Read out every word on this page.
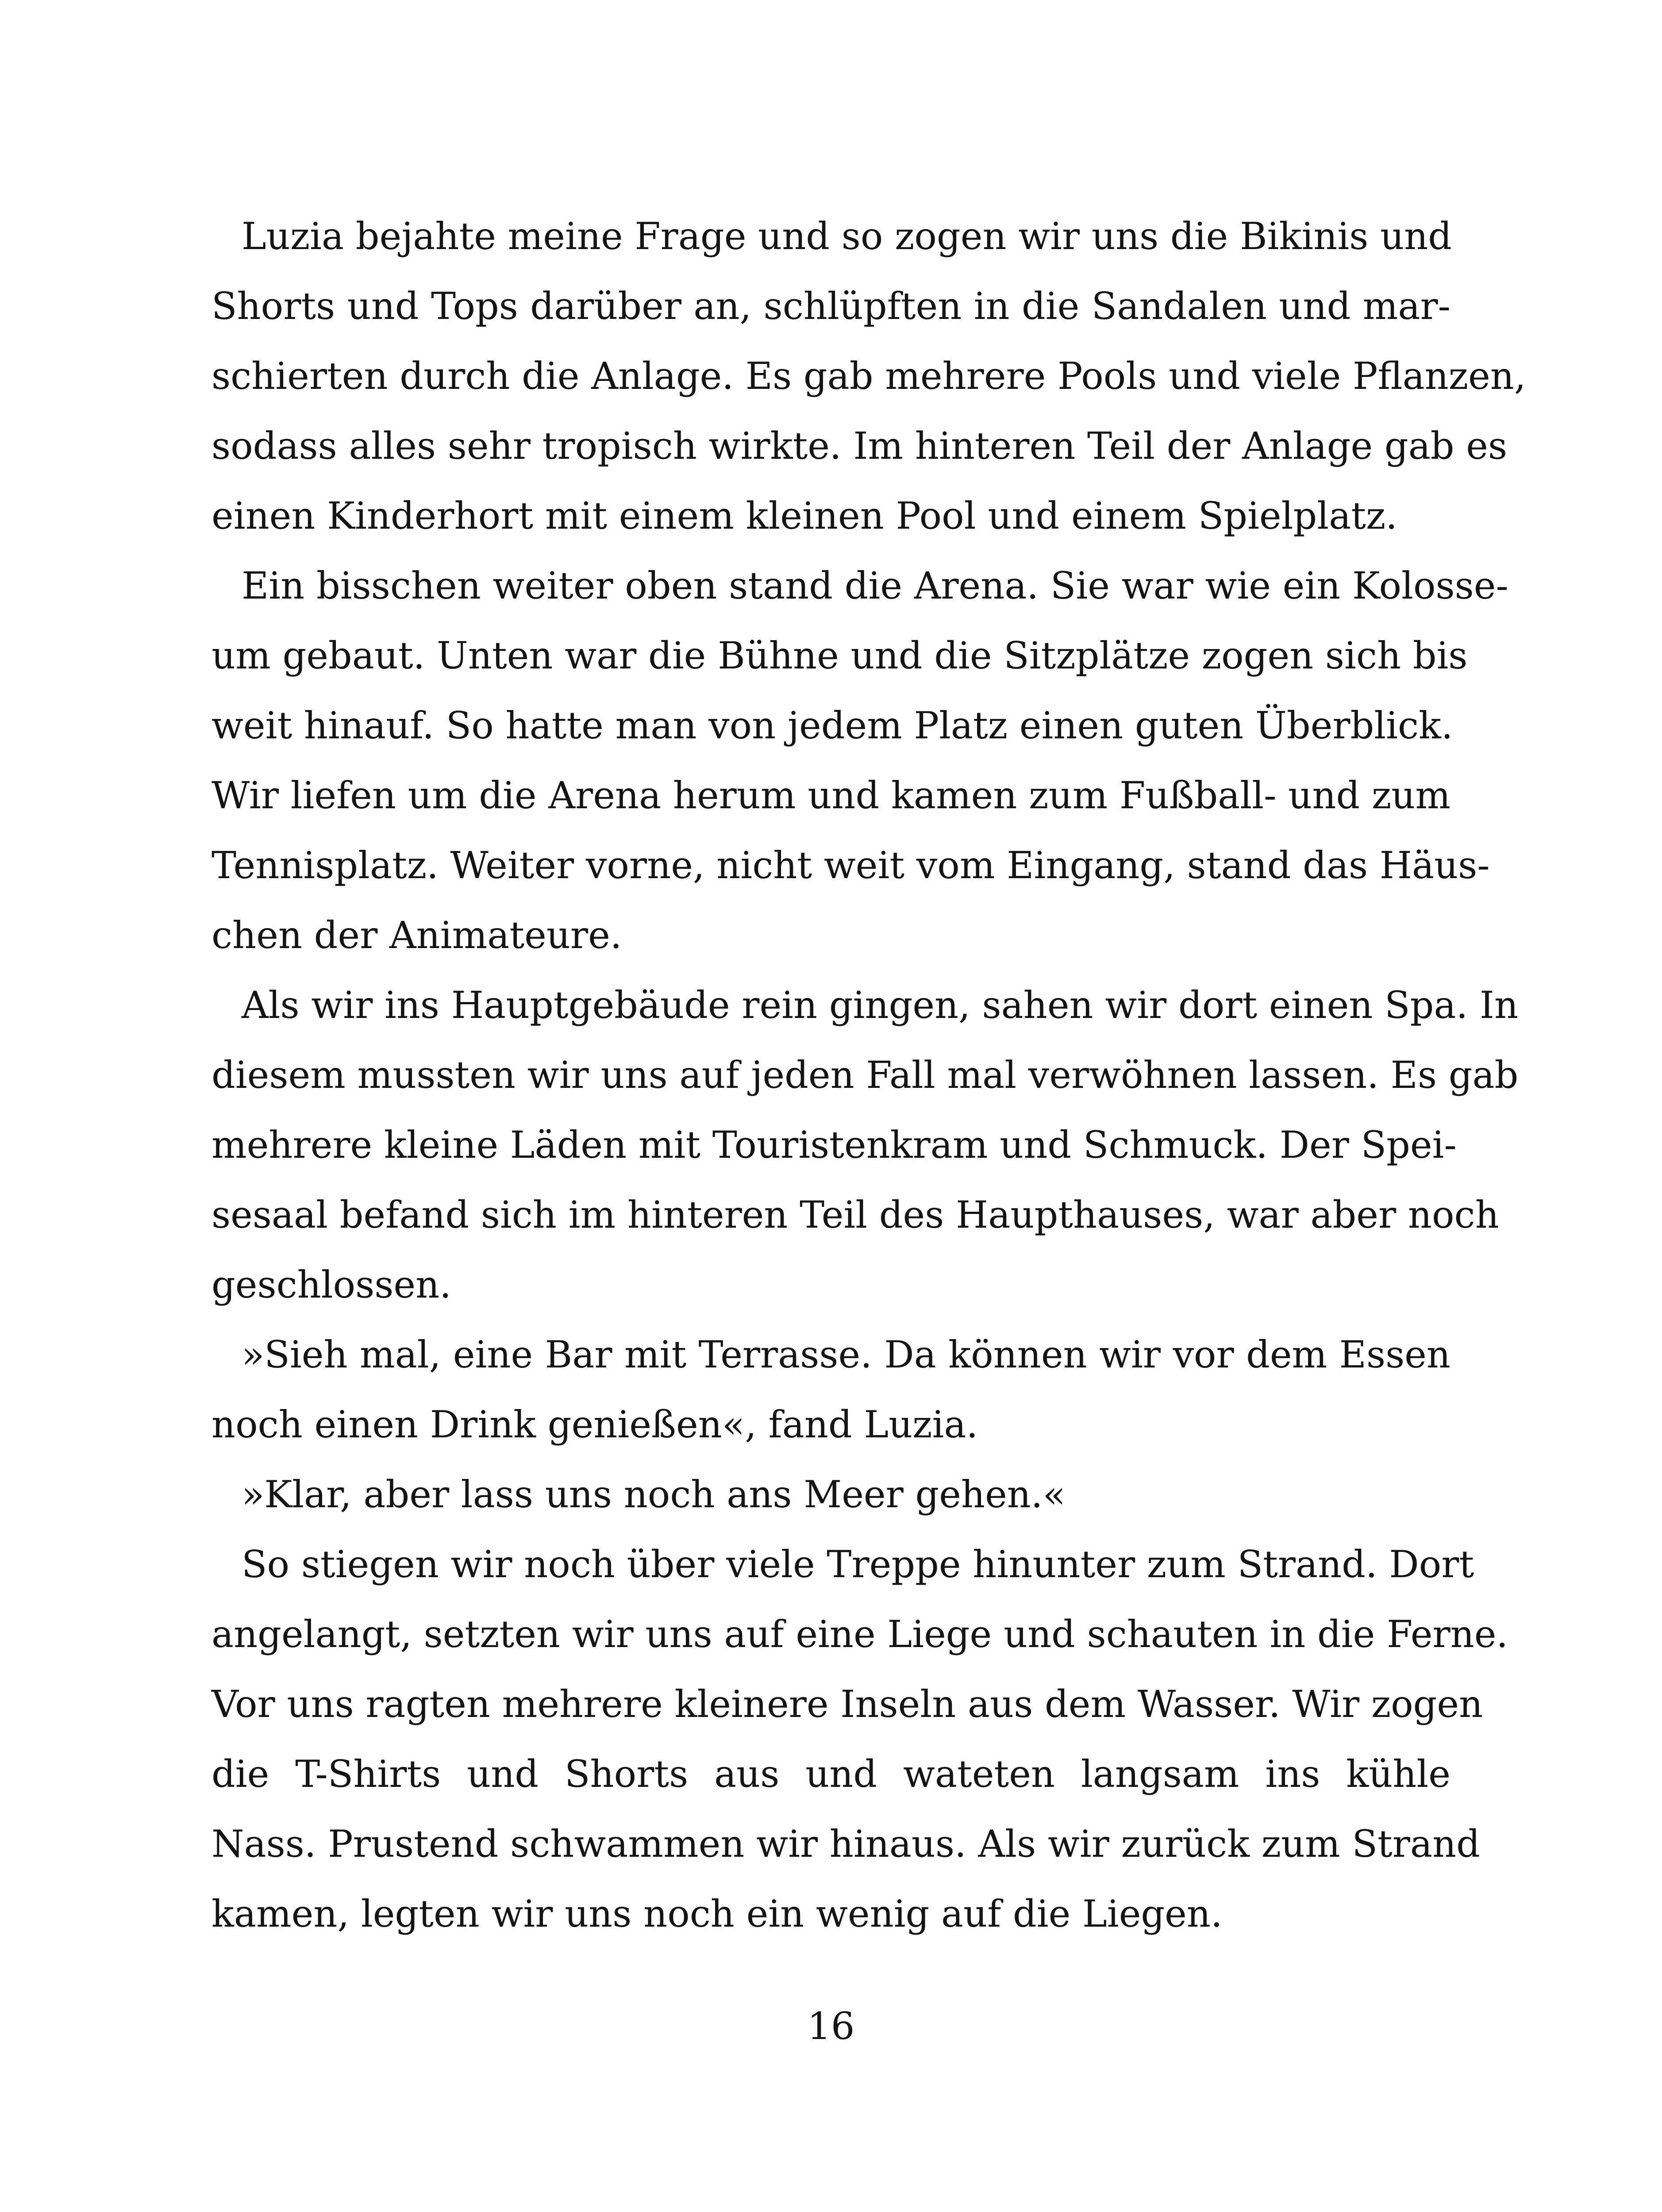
Luzia bejahte meine Frage und so zogen wir uns die Bikinis und
Shorts und Tops darüber an, schlüpften in die Sandalen und mar-
schierten durch die Anlage. Es gab mehrere Pools und viele Pflanzen,
sodass alles sehr tropisch wirkte. Im hinteren Teil der Anlage gab es
einen Kinderhort mit einem kleinen Pool und einem Spielplatz.
Ein bisschen weiter oben stand die Arena. Sie war wie ein Kolosse-
um gebaut. Unten war die Bühne und die Sitzplätze zogen sich bis
weit hinauf. So hatte man von jedem Platz einen guten Überblick.
Wir liefen um die Arena herum und kamen zum Fußball- und zum
Tennisplatz. Weiter vorne, nicht weit vom Eingang, stand das Häus-
chen der Animateure.
Als wir ins Hauptgebäude rein gingen, sahen wir dort einen Spa. In
diesem mussten wir uns auf jeden Fall mal verwöhnen lassen. Es gab
mehrere kleine Läden mit Touristenkram und Schmuck. Der Spei-
sesaal befand sich im hinteren Teil des Haupthauses, war aber noch
geschlossen.
»Sieh mal, eine Bar mit Terrasse. Da können wir vor dem Essen
noch einen Drink genießen«, fand Luzia.
»Klar, aber lass uns noch ans Meer gehen.«
So stiegen wir noch über viele Treppe hinunter zum Strand. Dort
angelangt, setzten wir uns auf eine Liege und schauten in die Ferne.
Vor uns ragten mehrere kleinere Inseln aus dem Wasser. Wir zogen
die T-Shirts und Shorts aus und wateten langsam ins kühle
Nass. Prustend schwammen wir hinaus. Als wir zurück zum Strand
kamen, legten wir uns noch ein wenig auf die Liegen.
16
